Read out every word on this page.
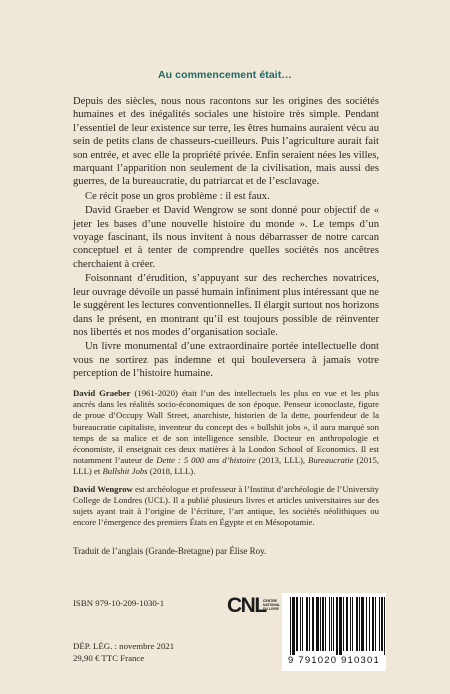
Au commencement était…

Depuis des siècles, nous nous racontons sur les origines des sociétés humaines et des inégalités sociales une histoire très simple. Pendant l’essentiel de leur existence sur terre, les êtres humains auraient vécu au sein de petits clans de chasseurs-cueilleurs. Puis l’agriculture aurait fait son entrée, et avec elle la propriété privée. Enfin seraient nées les villes, marquant l’apparition non seulement de la civilisation, mais aussi des guerres, de la bureaucratie, du patriarcat et de l’esclavage.

Ce récit pose un gros problème : il est faux.

David Graeber et David Wengrow se sont donné pour objectif de « jeter les bases d’une nouvelle histoire du monde ». Le temps d’un voyage fascinant, ils nous invitent à nous débarrasser de notre carcan conceptuel et à tenter de comprendre quelles sociétés nos ancêtres cherchaient à créer.

Foisonnant d’érudition, s’appuyant sur des recherches novatrices, leur ouvrage dévoile un passé humain infiniment plus intéressant que ne le suggèrent les lectures conventionnelles. Il élargit surtout nos horizons dans le présent, en montrant qu’il est toujours possible de réinventer nos libertés et nos modes d’organisation sociale.

Un livre monumental d’une extraordinaire portée intellectuelle dont vous ne sortirez pas indemne et qui bouleversera à jamais votre perception de l’histoire humaine.

David Graeber (1961-2020) était l’un des intellectuels les plus en vue et les plus ancrés dans les réalités socio-économiques de son époque. Penseur iconoclaste, figure de proue d’Occupy Wall Street, anarchiste, historien de la dette, pourfendeur de la bureaucratie capitaliste, inventeur du concept des « bullshit jobs », il aura marqué son temps de sa malice et de son intelligence sensible. Docteur en anthropologie et économiste, il enseignait ces deux matières à la London School of Economics. Il est notamment l’auteur de Dette : 5 000 ans d’histoire (2013, LLL), Bureaucratie (2015, LLL) et Bullshit Jobs (2018, LLL).

David Wengrow est archéologue et professeur à l’Institut d’archéologie de l’University College de Londres (UCL). Il a publié plusieurs livres et articles universitaires sur des sujets ayant trait à l’origine de l’écriture, l’art antique, les sociétés néolithiques ou encore l’émergence des premiers États en Égypte et en Mésopotamie.

Traduit de l’anglais (Grande-Bretagne) par Élise Roy.
ISBN 979-10-209-1030-1
DÉP. LÉG. : novembre 2021
29,90 € TTC France
CNL
CENTRE NATIONAL DU LIVRE
9 791020 910301
